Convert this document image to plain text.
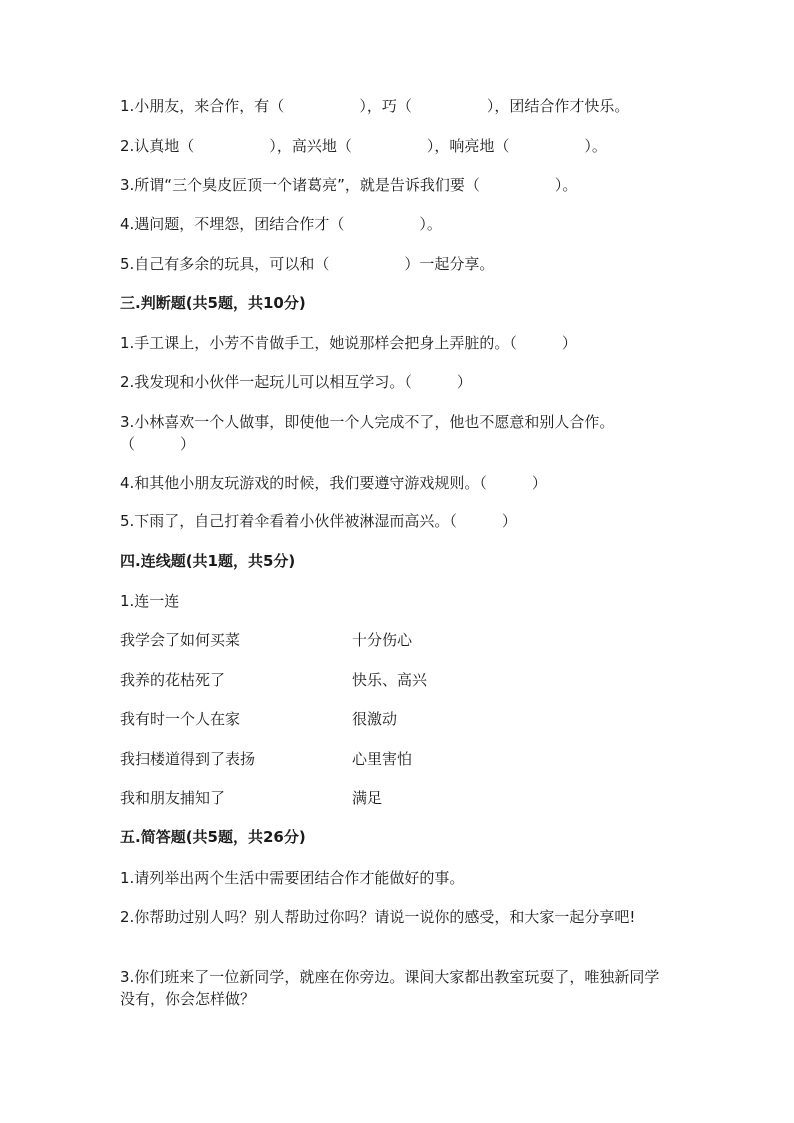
1.小朋友，来合作，有（　　　　　），巧（　　　　　），团结合作才快乐。
2.认真地（　　　　　），高兴地（　　　　　），响亮地（　　　　　）。
3.所谓“三个臭皮匠顶一个诸葛亮”，就是告诉我们要（　　　　　）。
4.遇问题，不埋怨，团结合作才（　　　　　）。
5.自己有多余的玩具，可以和（　　　　　）一起分享。
三.判断题(共5题，共10分)
1.手工课上，小芳不肯做手工，她说那样会把身上弄脏的。（　　　）
2.我发现和小伙伴一起玩儿可以相互学习。（　　　）
3.小林喜欢一个人做事，即使他一个人完成不了，他也不愿意和别人合作。（　　　）
4.和其他小朋友玩游戏的时候，我们要遵守游戏规则。（　　　）
5.下雨了，自己打着伞看着小伙伴被淋湿而高兴。（　　　）
四.连线题(共1题，共5分)
1.连一连
我学会了如何买菜	十分伤心
我养的花枯死了	快乐、高兴
我有时一个人在家	很激动
我扫楼道得到了表扬	心里害怕
我和朋友捕知了	满足
五.简答题(共5题，共26分)
1.请列举出两个生活中需要团结合作才能做好的事。
2.你帮助过别人吗？别人帮助过你吗？请说一说你的感受，和大家一起分享吧!
3.你们班来了一位新同学，就座在你旁边。课间大家都出教室玩耍了，唯独新同学没有，你会怎样做？
